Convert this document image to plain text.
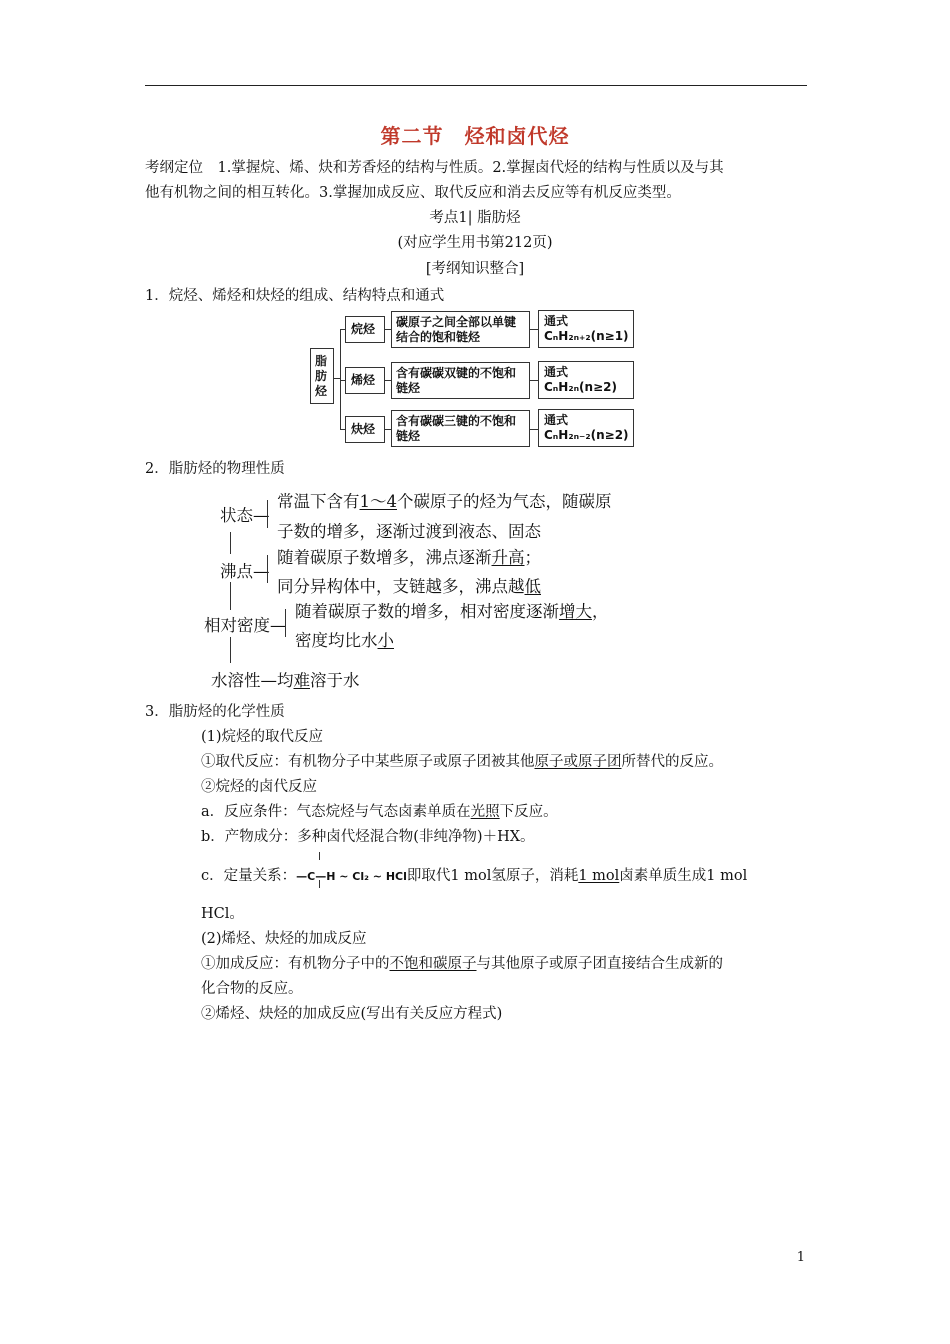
第二节　烃和卤代烃
考纲定位　1.掌握烷、烯、炔和芳香烃的结构与性质。2.掌握卤代烃的结构与性质以及与其
他有机物之间的相互转化。3.掌握加成反应、取代反应和消去反应等有机反应类型。
考点1| 脂肪烃
(对应学生用书第212页)
[考纲知识整合]
1．烷烃、烯烃和炔烃的组成、结构特点和通式
脂肪烃
烷烃 碳原子之间全部以单键
结合的饱和链烃
通式
CₙH₂ₙ₊₂(n≥1)
烯烃 含有碳碳双键的不饱和
链烃
通式
CₙH₂ₙ(n≥2)
炔烃
含有碳碳三键的不饱和
链烃
通式
CₙH₂ₙ₋₂(n≥2)
2．脂肪烃的物理性质
状态—
常温下含有1～4个碳原子的烃为气态，随碳原
子数的增多，逐渐过渡到液态、固态
沸点—
随着碳原子数增多，沸点逐渐升高；
同分异构体中，支链越多，沸点越低
相对密度—
随着碳原子数的增多，相对密度逐渐增大，
密度均比水小
水溶性—均难溶于水
3．脂肪烃的化学性质
(1)烷烃的取代反应
①取代反应：有机物分子中某些原子或原子团被其他原子或原子团所替代的反应。
②烷烃的卤代反应
a．反应条件：气态烷烃与气态卤素单质在光照下反应。
b．产物成分：多种卤代烃混合物(非纯净物)＋HX。
c．定量关系：—C—H ~ Cl₂ ~ HCl即取代1 mol氢原子，消耗1 mol卤素单质生成1 mol
HCl。
(2)烯烃、炔烃的加成反应
①加成反应：有机物分子中的不饱和碳原子与其他原子或原子团直接结合生成新的
化合物的反应。
②烯烃、炔烃的加成反应(写出有关反应方程式)
1
